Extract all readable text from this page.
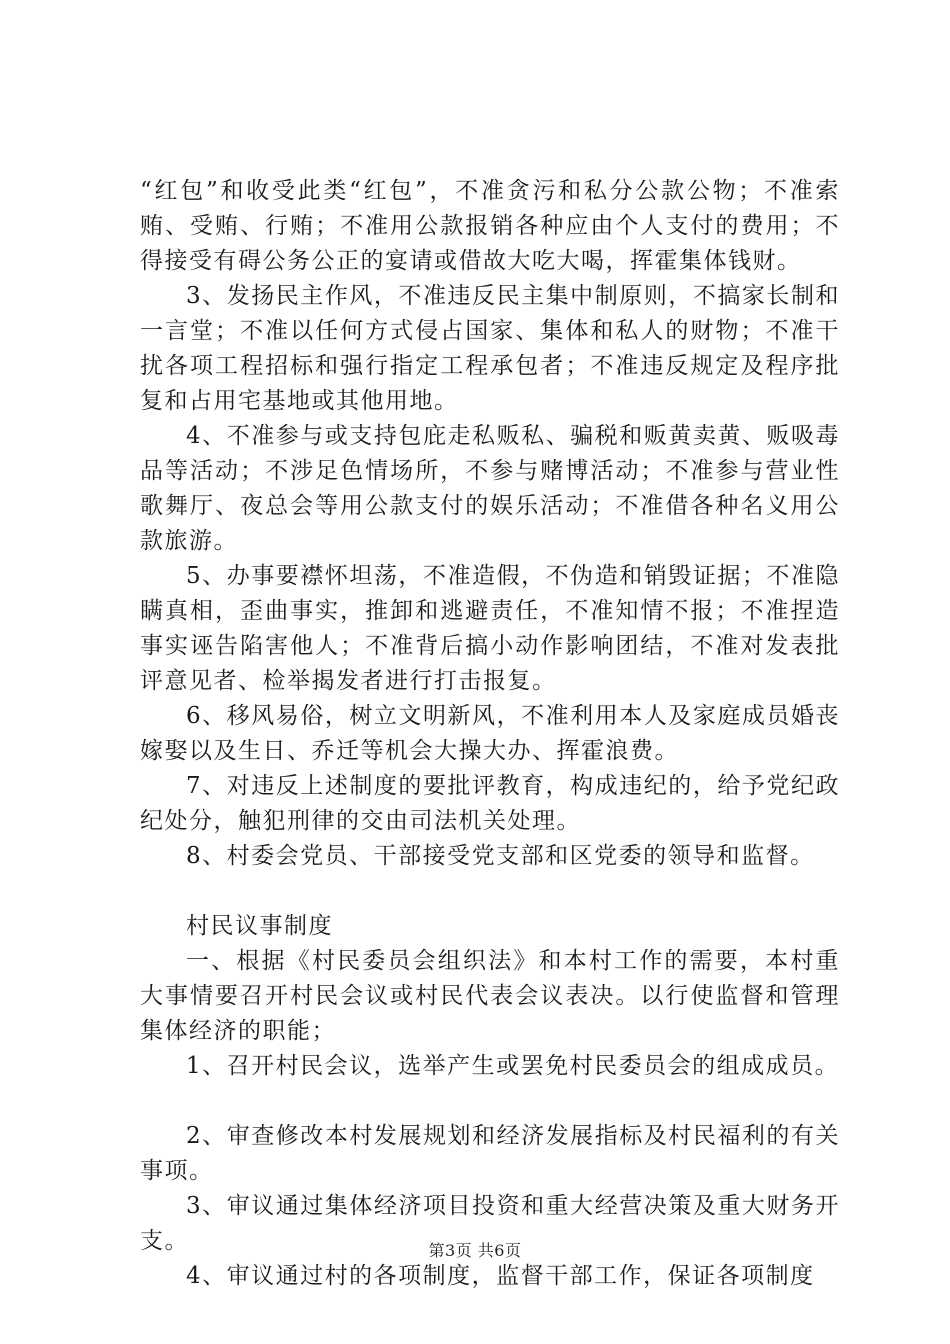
“红包”和收受此类“红包”，不准贪污和私分公款公物；不准索贿、受贿、行贿；不准用公款报销各种应由个人支付的费用；不得接受有碍公务公正的宴请或借故大吃大喝，挥霍集体钱财。

3、发扬民主作风，不准违反民主集中制原则，不搞家长制和一言堂；不准以任何方式侵占国家、集体和私人的财物；不准干扰各项工程招标和强行指定工程承包者；不准违反规定及程序批复和占用宅基地或其他用地。

4、不准参与或支持包庇走私贩私、骗税和贩黄卖黄、贩吸毒品等活动；不涉足色情场所，不参与赌博活动；不准参与营业性歌舞厅、夜总会等用公款支付的娱乐活动；不准借各种名义用公款旅游。

5、办事要襟怀坦荡，不准造假，不伪造和销毁证据；不准隐瞒真相，歪曲事实，推卸和逃避责任，不准知情不报；不准捏造事实诬告陷害他人；不准背后搞小动作影响团结，不准对发表批评意见者、检举揭发者进行打击报复。

6、移风易俗，树立文明新风，不准利用本人及家庭成员婚丧嫁娶以及生日、乔迁等机会大操大办、挥霍浪费。

7、对违反上述制度的要批评教育，构成违纪的，给予党纪政纪处分，触犯刑律的交由司法机关处理。

8、村委会党员、干部接受党支部和区党委的领导和监督。

村民议事制度

一、根据《村民委员会组织法》和本村工作的需要，本村重大事情要召开村民会议或村民代表会议表决。以行使监督和管理集体经济的职能；

1、召开村民会议，选举产生或罢免村民委员会的组成成员。

2、审查修改本村发展规划和经济发展指标及村民福利的有关事项。

3、审议通过集体经济项目投资和重大经营决策及重大财务开支。

4、审议通过村的各项制度，监督干部工作，保证各项制度

第3页 共6页
